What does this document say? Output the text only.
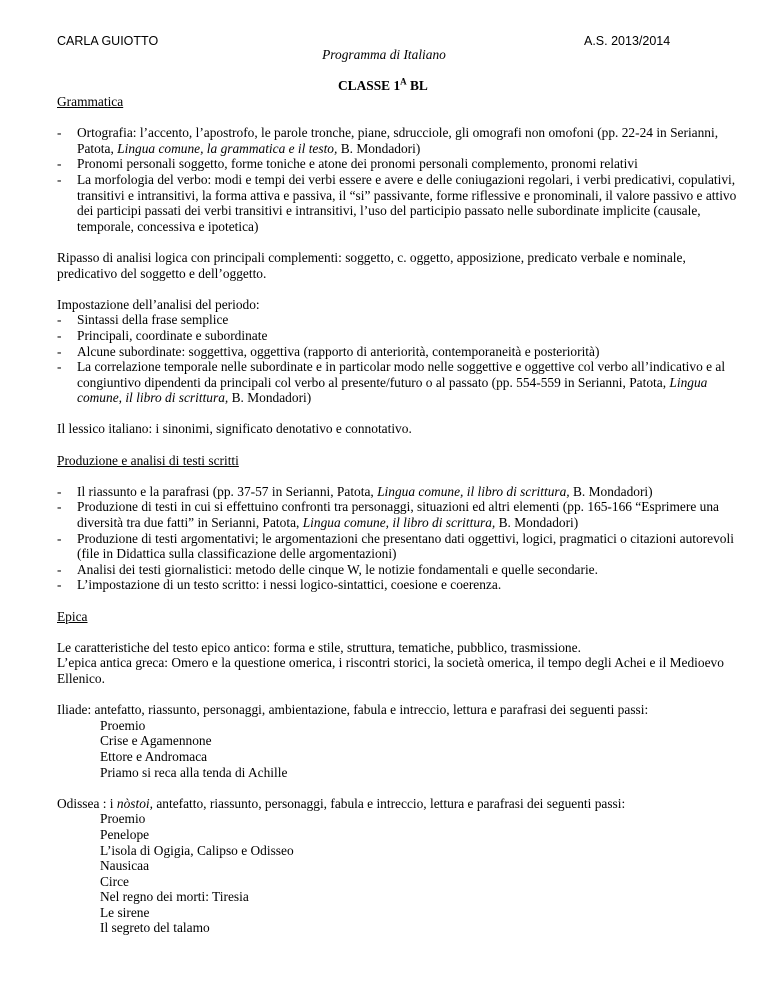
CARLA GUIOTTO	A.S. 2013/2014
Programma di Italiano
CLASSE $1^A$ BL
Grammatica
-	Ortografia: l’accento, l’apostrofo, le parole tronche, piane, sdrucciole, gli omografi non omofoni (pp. 22-24 in Serianni, Patota, Lingua comune, la grammatica e il testo, B. Mondadori)
-	Pronomi personali soggetto, forme toniche e atone dei pronomi personali complemento, pronomi relativi
-	La morfologia del verbo: modi e tempi dei verbi essere e avere e delle coniugazioni regolari, i verbi predicativi, copulativi, transitivi e intransitivi, la forma attiva e passiva, il “si” passivante, forme riflessive e pronominali, il valore passivo e attivo dei participi passati dei verbi transitivi e intransitivi, l’uso del participio passato nelle subordinate implicite (causale, temporale, concessiva e ipotetica)
Ripasso di analisi logica con principali complementi: soggetto, c. oggetto, apposizione, predicato verbale e nominale, predicativo del soggetto e dell’oggetto.
Impostazione dell’analisi del periodo:
-	Sintassi della frase semplice
-	Principali, coordinate e subordinate
-	Alcune subordinate: soggettiva, oggettiva (rapporto di anteriorità, contemporaneità e posteriorità)
-	La correlazione temporale nelle subordinate e in particolar modo nelle soggettive e oggettive col verbo all’indicativo e al congiuntivo dipendenti da principali col verbo al presente/futuro o al passato (pp. 554-559 in Serianni, Patota, Lingua comune, il libro di scrittura, B. Mondadori)
Il lessico italiano: i sinonimi, significato denotativo e connotativo.
Produzione e analisi di testi scritti
-	Il riassunto e la parafrasi (pp. 37-57 in Serianni, Patota, Lingua comune, il libro di scrittura, B. Mondadori)
-	Produzione di testi in cui si effettuino confronti tra personaggi, situazioni ed altri elementi (pp. 165-166 “Esprimere una diversità tra due fatti” in Serianni, Patota, Lingua comune, il libro di scrittura, B. Mondadori)
-	Produzione di testi argomentativi; le argomentazioni che presentano dati oggettivi, logici, pragmatici o citazioni autorevoli (file in Didattica sulla classificazione delle argomentazioni)
-	Analisi dei testi giornalistici: metodo delle cinque W, le notizie fondamentali e quelle secondarie.
-	L’impostazione di un testo scritto: i nessi logico-sintattici, coesione e coerenza.
Epica
Le caratteristiche del testo epico antico: forma e stile, struttura, tematiche, pubblico, trasmissione.
L’epica antica greca: Omero e la questione omerica, i riscontri storici, la società omerica, il tempo degli Achei e il Medioevo Ellenico.
Iliade: antefatto, riassunto, personaggi, ambientazione, fabula e intreccio, lettura e parafrasi dei seguenti passi:
Proemio
Crise e Agamennone
Ettore e Andromaca
Priamo si reca alla tenda di Achille
Odissea : i nòstoi, antefatto, riassunto, personaggi, fabula e intreccio, lettura e parafrasi dei seguenti passi:
Proemio
Penelope
L’isola di Ogigia, Calipso e Odisseo
Nausicaa
Circe
Nel regno dei morti: Tiresia
Le sirene
Il segreto del talamo
